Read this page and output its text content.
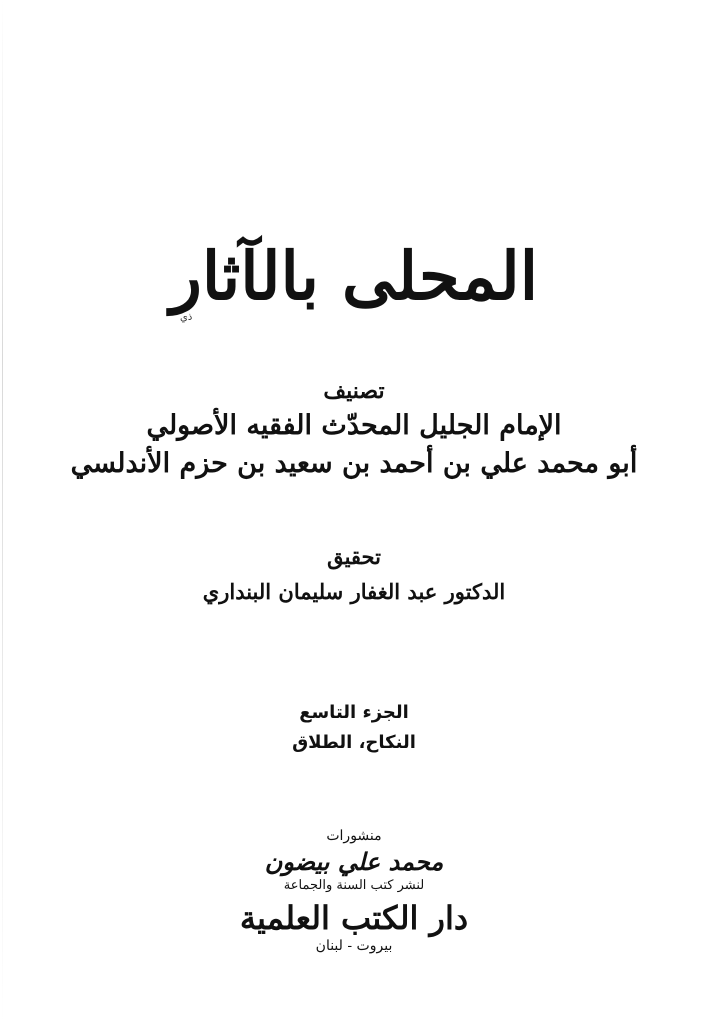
المحلى بالآثار
ذي
تصنيف
الإمام الجليل المحدّث الفقيه الأصولي
أبو محمد علي بن أحمد بن سعيد بن حزم الأندلسي
تحقيق
الدكتور عبد الغفار سليمان البنداري
الجزء التاسع
النكاح، الطلاق
منشورات
محمد علي بيضون
لنشر كتب السنة والجماعة
دار الكتب العلمية
بيروت - لبنان
